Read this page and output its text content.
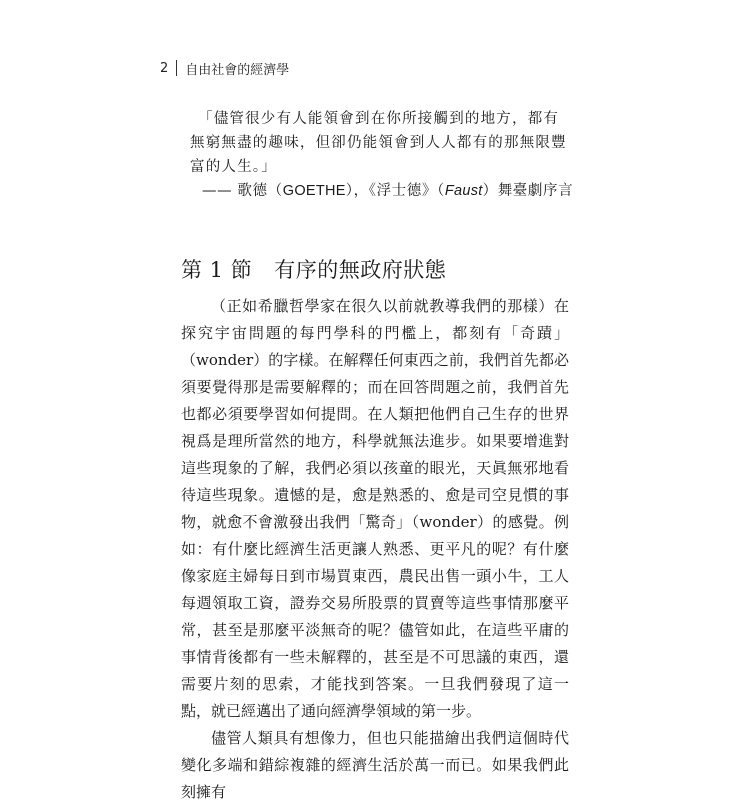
2 自由社會的經濟學

「儘管很少有人能領會到在你所接觸到的地方，都有無窮無盡的趣味，但卻仍能領會到人人都有的那無限豐富的人生。」

—— 歌德（GOETHE），《浮士德》（Faust）舞臺劇序言

第 1 節 有序的無政府狀態

（正如希臘哲學家在很久以前就教導我們的那樣）在探究宇宙問題的每門學科的門檻上，都刻有「奇蹟」（wonder）的字樣。在解釋任何東西之前，我們首先都必須要覺得那是需要解釋的；而在回答問題之前，我們首先也都必須要學習如何提問。在人類把他們自己生存的世界視爲是理所當然的地方，科學就無法進步。如果要增進對這些現象的了解，我們必須以孩童的眼光，天眞無邪地看待這些現象。遺憾的是，愈是熟悉的、愈是司空見慣的事物，就愈不會激發出我們「驚奇」（wonder）的感覺。例如：有什麼比經濟生活更讓人熟悉、更平凡的呢？有什麼像家庭主婦每日到市場買東西，農民出售一頭小牛，工人每週領取工資，證券交易所股票的買賣等這些事情那麼平常，甚至是那麼平淡無奇的呢？儘管如此，在這些平庸的事情背後都有一些未解釋的，甚至是不可思議的東西，還需要片刻的思索，才能找到答案。一旦我們發現了這一點，就已經邁出了通向經濟學領域的第一步。

儘管人類具有想像力，但也只能描繪出我們這個時代變化多端和錯綜複雜的經濟生活於萬一而已。如果我們此刻擁有
